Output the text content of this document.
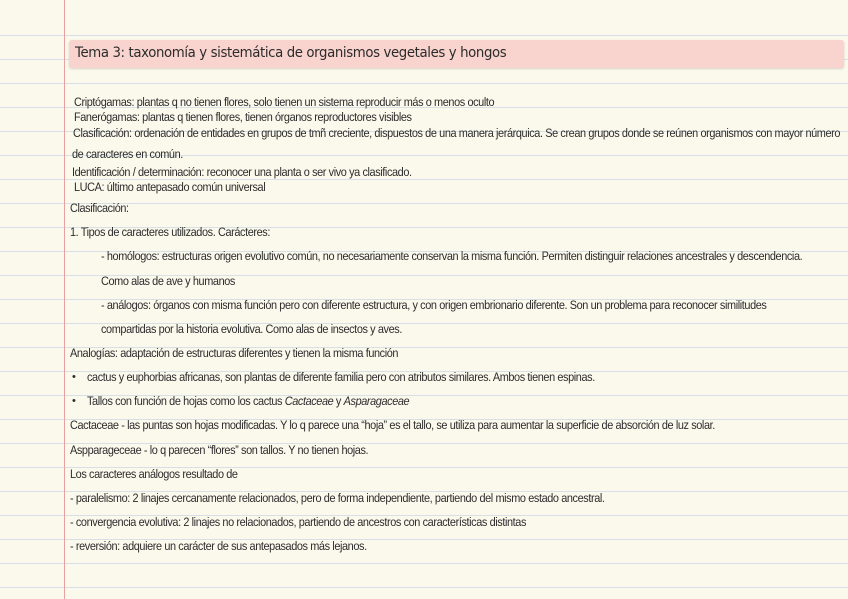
Tema 3: taxonomía y sistemática de organismos vegetales y hongos
Criptógamas: plantas q no tienen flores, solo tienen un sistema reproducir más o menos oculto
Fanerógamas: plantas q tienen flores, tienen órganos reproductores visibles
Clasificación: ordenación de entidades en grupos de tmñ creciente, dispuestos de una manera jerárquica. Se crean grupos donde se reúnen organismos con mayor número
de caracteres en común.
Identificación / determinación: reconocer una planta o ser vivo ya clasificado.
LUCA: último antepasado común universal
Clasificación:
1. Tipos de caracteres utilizados. Carácteres:
- homólogos: estructuras origen evolutivo común, no necesariamente conservan la misma función. Permiten distinguir relaciones ancestrales y descendencia.
Como alas de ave y humanos
- análogos: órganos con misma función pero con diferente estructura, y con origen embrionario diferente. Son un problema para reconocer similitudes
compartidas por la historia evolutiva. Como alas de insectos y aves.
Analogías: adaptación de estructuras diferentes y tienen la misma función
• cactus y euphorbias africanas, son plantas de diferente familia pero con atributos similares. Ambos tienen espinas.
• Tallos con función de hojas como los cactus Cactaceae y Asparagaceae
Cactaceae - las puntas son hojas modificadas. Y lo q parece una “hoja” es el tallo, se utiliza para aumentar la superficie de absorción de luz solar.
Aspparageceae - lo q parecen “flores” son tallos. Y no tienen hojas.
Los caracteres análogos resultado de
- paralelismo: 2 linajes cercanamente relacionados, pero de forma independiente, partiendo del mismo estado ancestral.
- convergencia evolutiva: 2 linajes no relacionados, partiendo de ancestros con características distintas
- reversión: adquiere un carácter de sus antepasados más lejanos.
